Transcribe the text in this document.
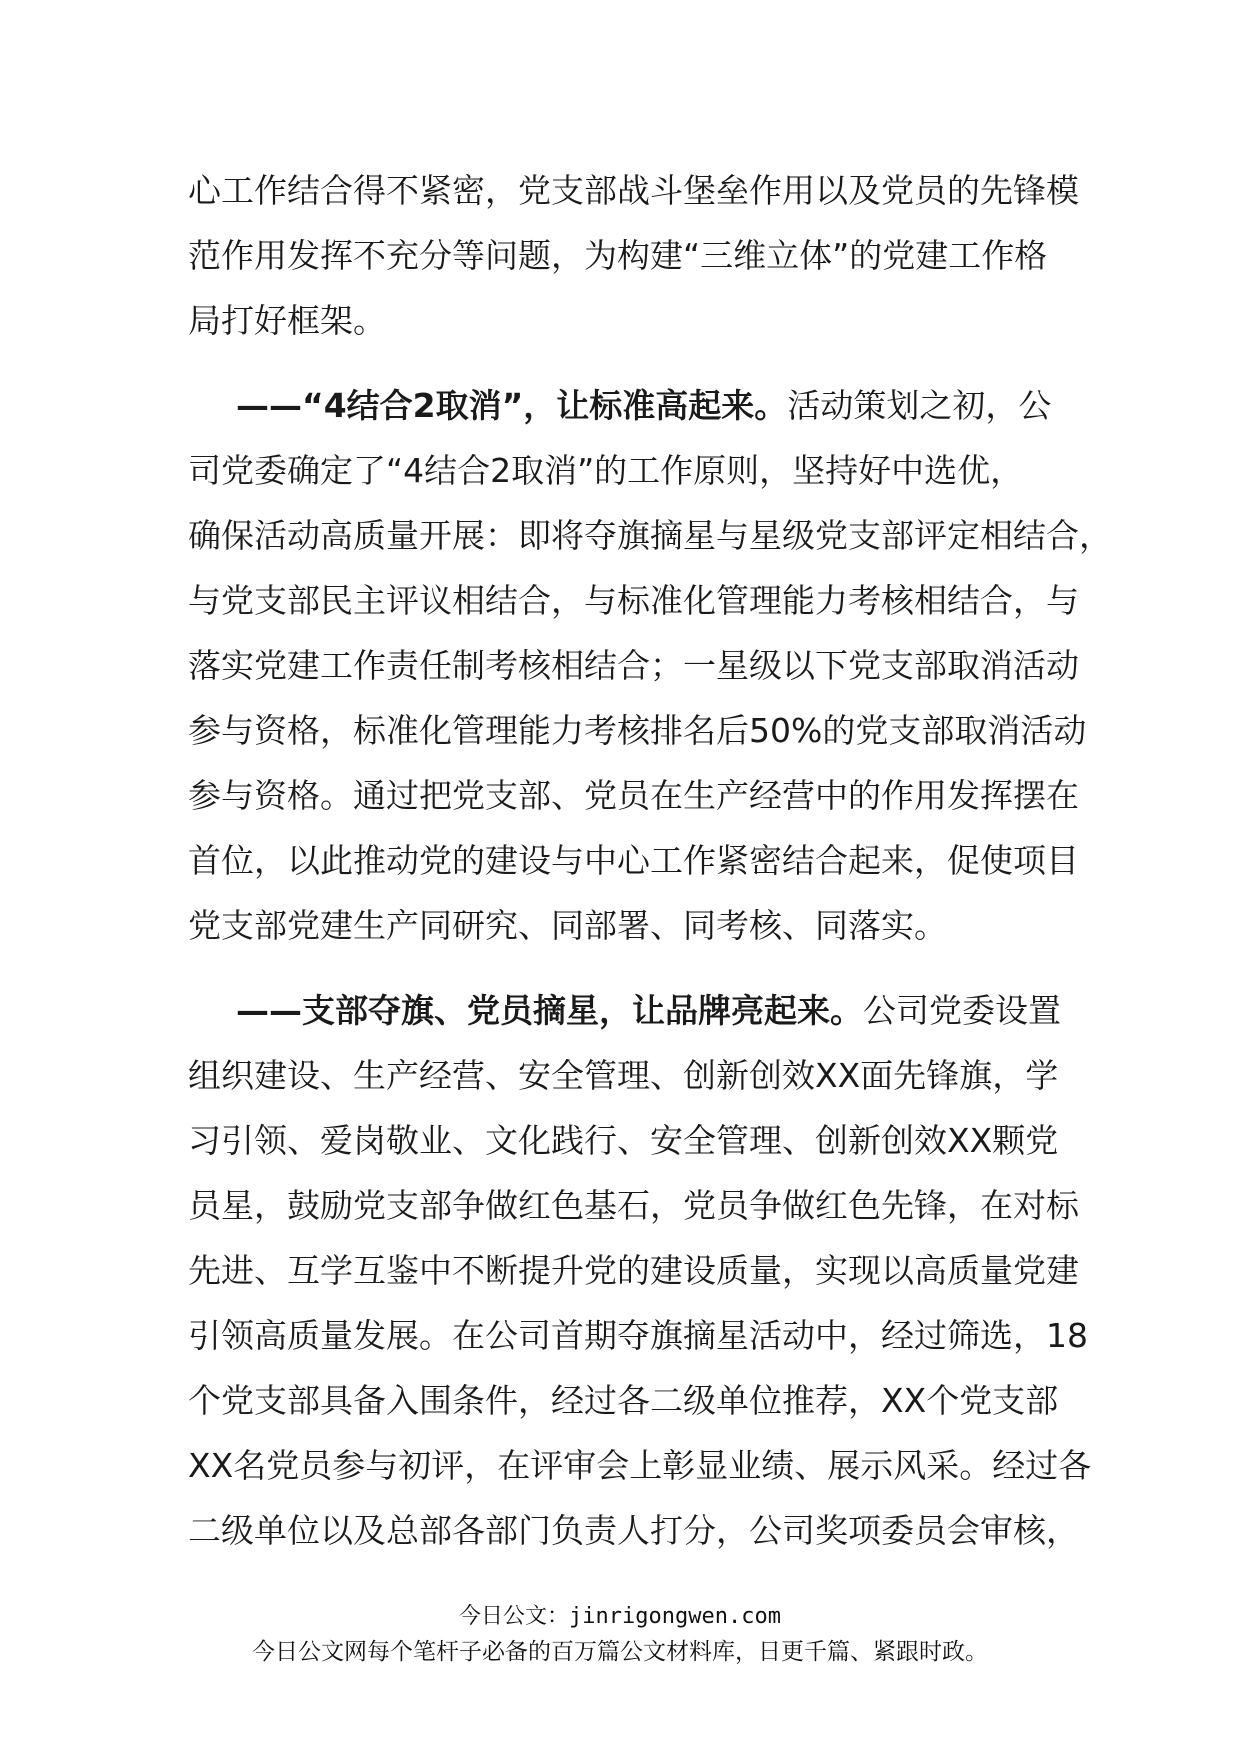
心工作结合得不紧密，党支部战斗堡垒作用以及党员的先锋模
范作用发挥不充分等问题，为构建“三维立体”的党建工作格
局打好框架。
——“4结合2取消”，让标准高起来。活动策划之初，公
司党委确定了“4结合2取消”的工作原则，坚持好中选优，
确保活动高质量开展：即将夺旗摘星与星级党支部评定相结合，
与党支部民主评议相结合，与标准化管理能力考核相结合，与
落实党建工作责任制考核相结合；一星级以下党支部取消活动
参与资格，标准化管理能力考核排名后50%的党支部取消活动
参与资格。通过把党支部、党员在生产经营中的作用发挥摆在
首位，以此推动党的建设与中心工作紧密结合起来，促使项目
党支部党建生产同研究、同部署、同考核、同落实。
——支部夺旗、党员摘星，让品牌亮起来。公司党委设置
组织建设、生产经营、安全管理、创新创效XX面先锋旗，学
习引领、爱岗敬业、文化践行、安全管理、创新创效XX颗党
员星，鼓励党支部争做红色基石，党员争做红色先锋，在对标
先进、互学互鉴中不断提升党的建设质量，实现以高质量党建
引领高质量发展。在公司首期夺旗摘星活动中，经过筛选，18
个党支部具备入围条件，经过各二级单位推荐，XX个党支部
XX名党员参与初评，在评审会上彰显业绩、展示风采。经过各
二级单位以及总部各部门负责人打分，公司奖项委员会审核，
今日公文：jinrigongwen.com
今日公文网每个笔杆子必备的百万篇公文材料库，日更千篇、紧跟时政。
